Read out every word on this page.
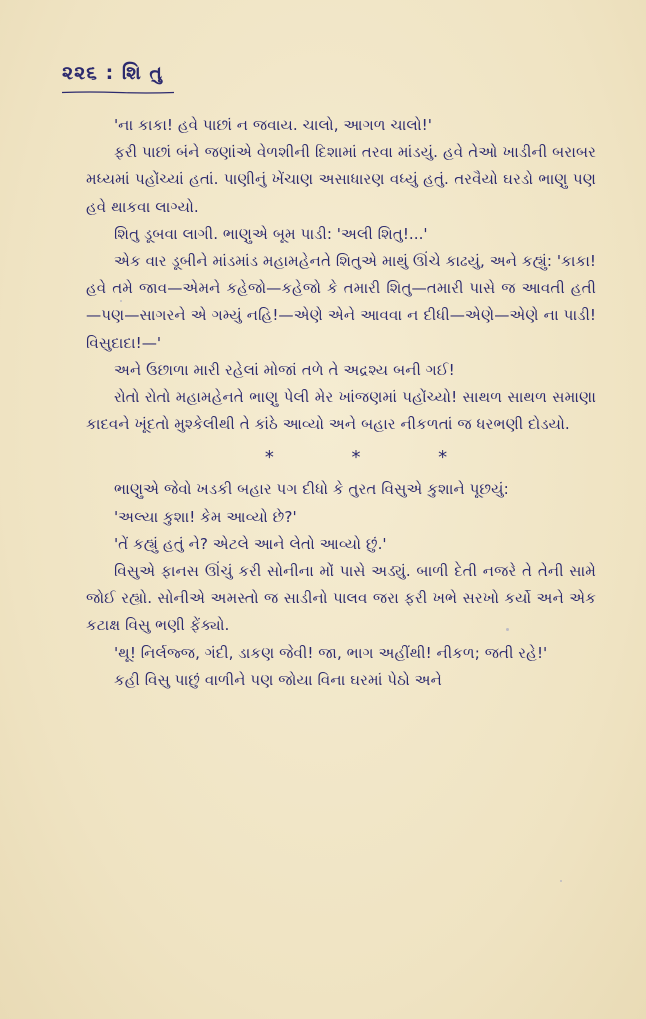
૨૨૬ : શિ તુ

'ના કાકા! હવે પાછાં ન જવાય. ચાલો, આગળ ચાલો!'

ફરી પાછાં બંને જણાંએ વેળશીની દિશામાં તરવા માંડયું. હવે તેઓ ખાડીની બરાબર મધ્યમાં પહોંચ્યાં હતાં. પાણીનું ખેંચાણ અસાધારણ વધ્યું હતું. તરવૈયો ઘરડો ભાણુ પણ હવે થાકવા લાગ્યો.

શિતુ ડૂબવા લાગી. ભાણુએ બૂમ પાડી: 'અલી શિતુ!...'

એક વાર ડૂબીને માંડમાંડ મહામહેનતે શિતુએ માથું ઊંચે કાઢયું, અને કહ્યું: 'કાકા! હવે તમે જાવ—એમને કહેજો—કહેજો કે તમારી શિતુ—તમારી પાસે જ આવતી હતી—પણ—સાગરને એ ગમ્યું નહિ!—એણે એને આવવા ન દીધી—એણે—એણે ના પાડી! વિસુદાદા!—'

અને ઉછાળા મારી રહેલાં મોજાં તળે તે અદ્રશ્ય બની ગઈ!

રોતો રોતો મહામહેનતે ભાણુ પેલી મેર ખાંજણમાં પહોંચ્યો! સાથળ સાથળ સમાણા કાદવને ખૂંદતો મુશ્કેલીથી તે કાંઠે આવ્યો અને બહાર નીકળતાં જ ધરભણી દોડયો.

*	*	*

ભાણુએ જેવો ખડકી બહાર પગ દીધો કે તુરત વિસુએ કુશાને પૂછયું:

'અલ્યા કુશા! કેમ આવ્યો છે?'

'તેં કહ્યું હતું ને? એટલે આને લેતો આવ્યો છું.'

વિસુએ ફાનસ ઊંચું કરી સોનીના મોં પાસે અડ્યું. બાળી દેતી નજરે તે તેની સામે જોઈ રહ્યો. સોનીએ અમસ્તો જ સાડીનો પાલવ જરા ફરી ખભે સરખો કર્યો અને એક કટાક્ષ વિસુ ભણી ફેંક્યો.

'થૂ! નિર્લજ્જ, ગંદી, ડાકણ જેવી! જા, ભાગ અહીંથી! નીકળ; જતી રહે!'

કહી વિસુ પાછું વાળીને પણ જોયા વિના ઘરમાં પેઠો અને
